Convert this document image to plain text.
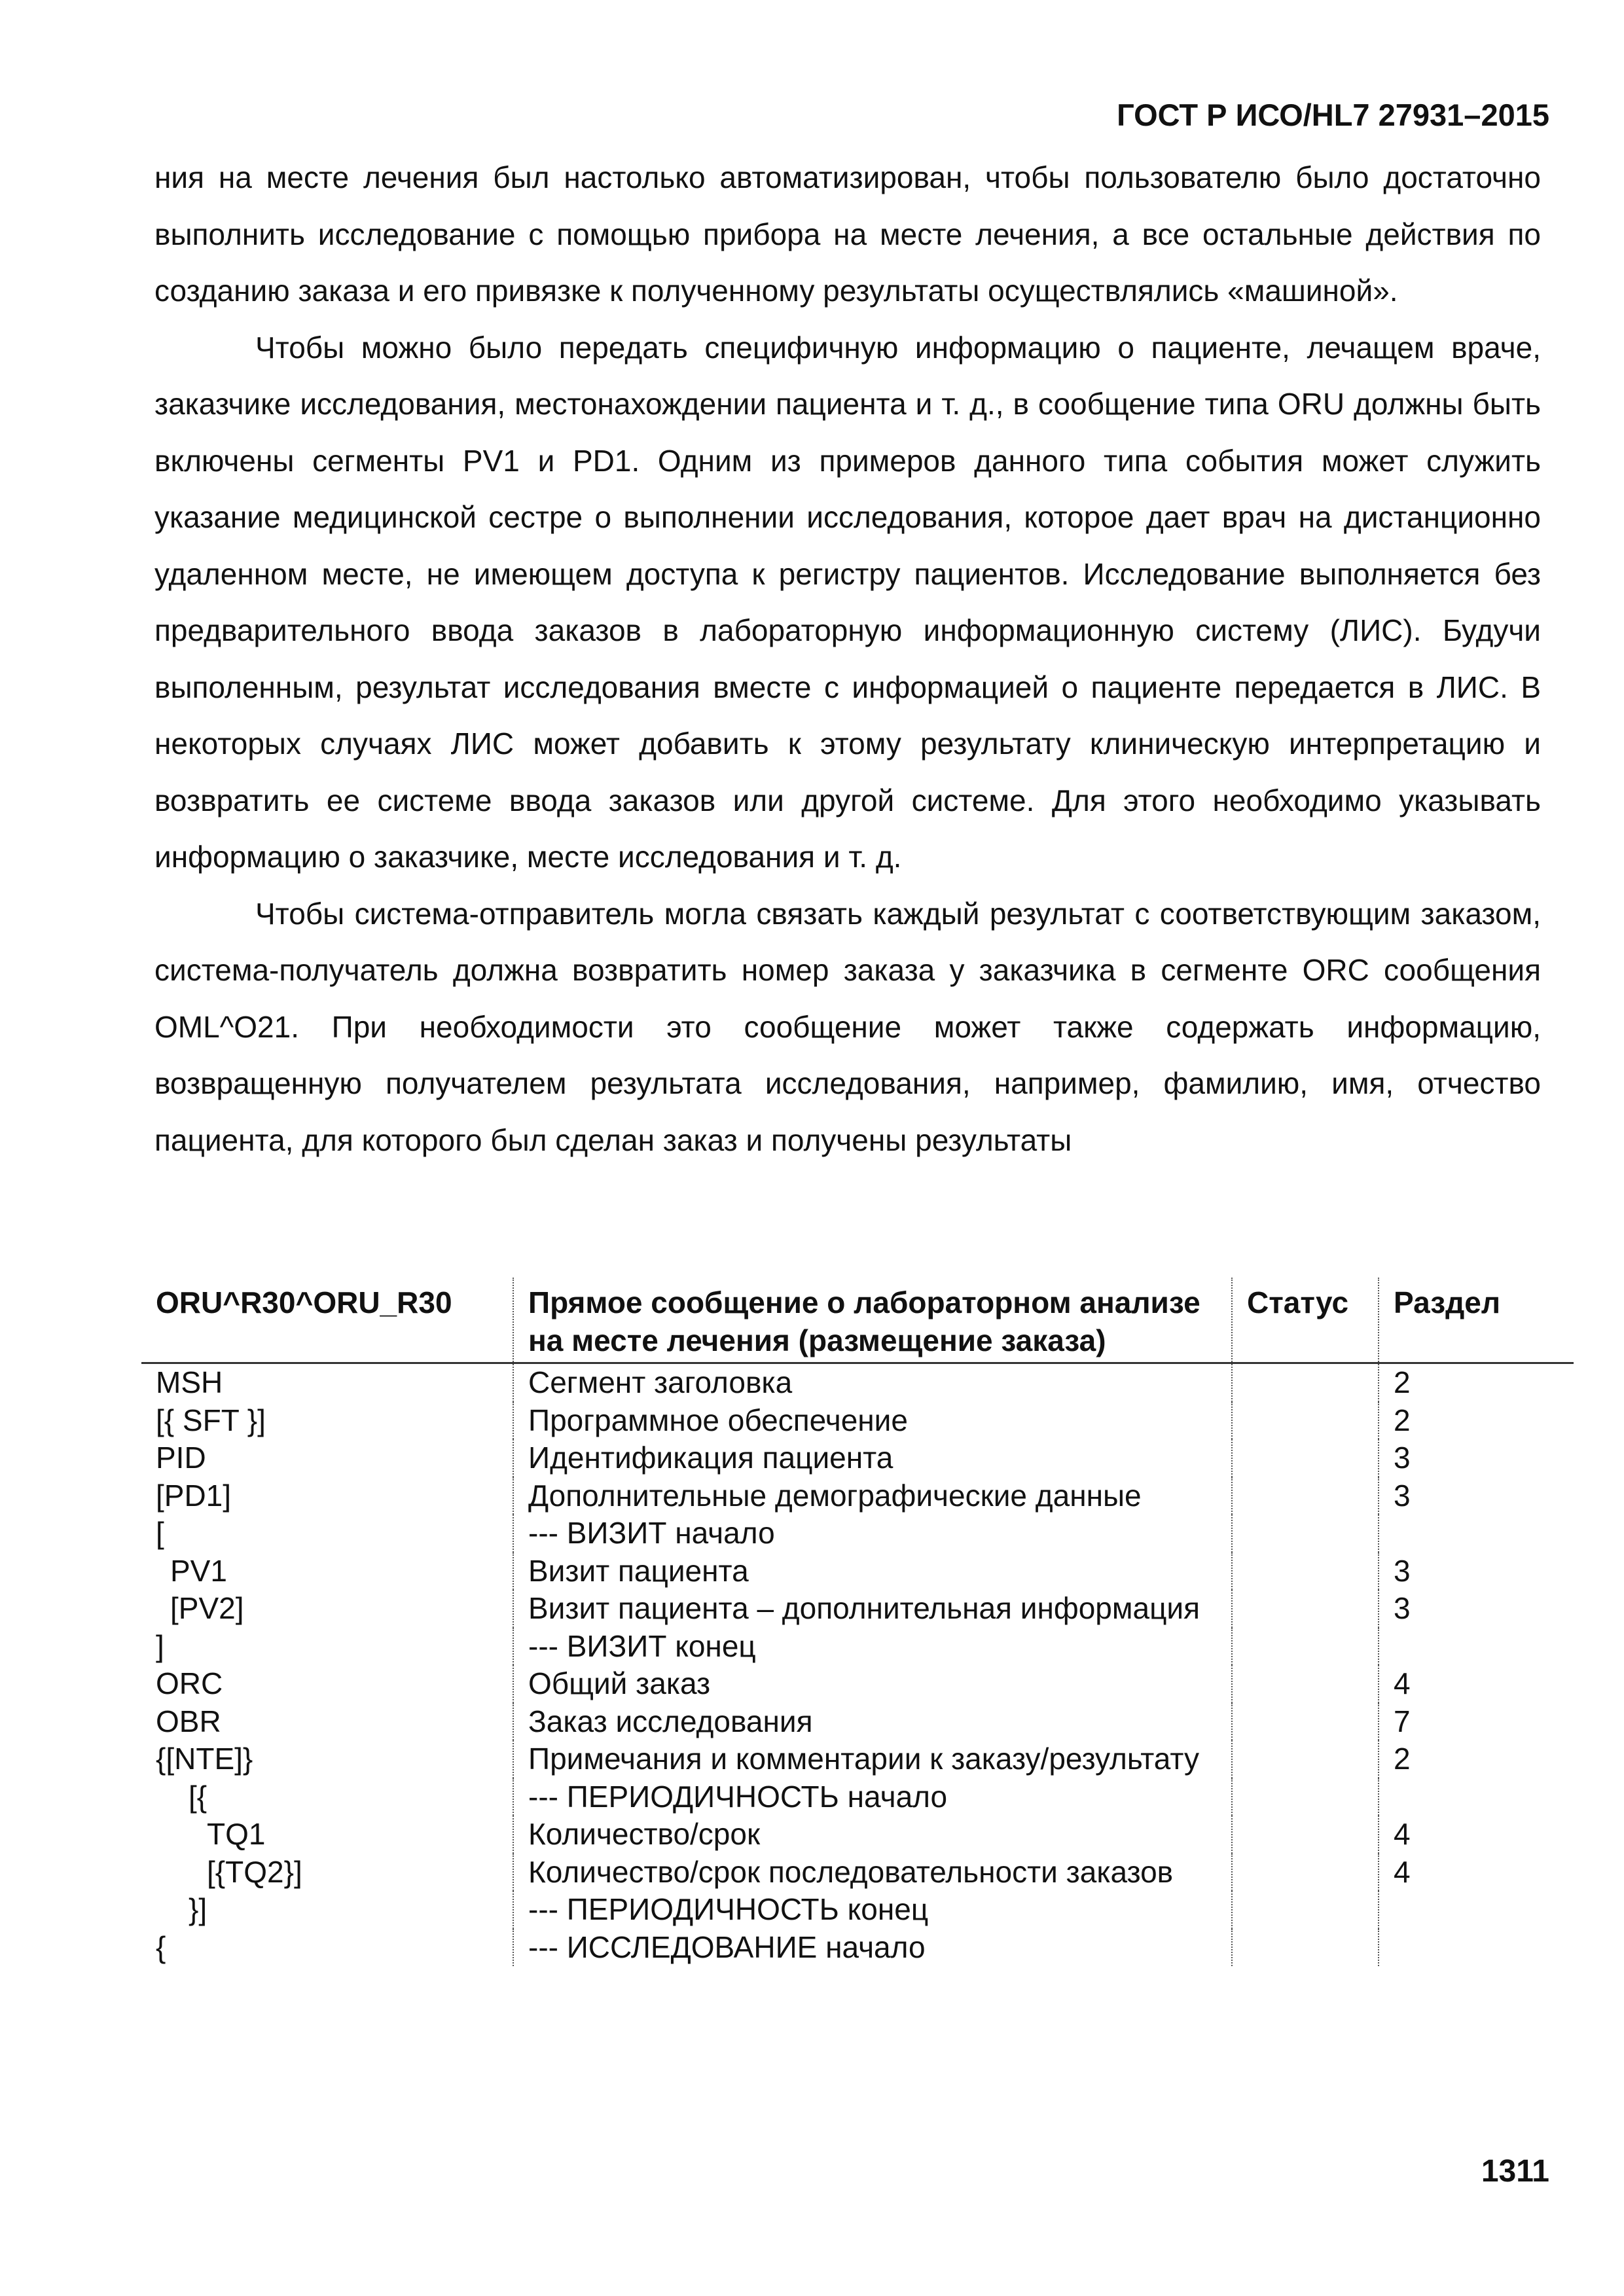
ГОСТ Р ИСО/HL7 27931–2015

ния на месте лечения был настолько автоматизирован, чтобы пользователю было достаточно выполнить исследование с помощью прибора на месте лечения, а все остальные действия по созданию заказа и его привязке к полученному результаты осуществлялись «машиной».

Чтобы можно было передать специфичную информацию о пациенте, лечащем враче, заказчике исследования, местонахождении пациента и т. д., в сообщение типа ORU должны быть включены сегменты PV1 и PD1. Одним из примеров данного типа события может служить указание медицинской сестре о выполнении исследования, которое дает врач на дистанционно удаленном месте, не имеющем доступа к регистру пациентов. Исследование выполняется без предварительного ввода заказов в лабораторную информационную систему (ЛИС). Будучи выполенным, результат исследования вместе с информацией о пациенте передается в ЛИС. В некоторых случаях ЛИС может добавить к этому результату клиническую интерпретацию и возвратить ее системе ввода заказов или другой системе. Для этого необходимо указывать информацию о заказчике, месте исследования и т. д.

Чтобы система-отправитель могла связать каждый результат с соответствующим заказом, система-получатель должна возвратить номер заказа у заказчика в сегменте ORC сообщения OML^O21. При необходимости это сообщение может также содержать информацию, возвращенную получателем результата исследования, например, фамилию, имя, отчество пациента, для которого был сделан заказ и получены результаты

ORU^R30^ORU_R30	Прямое сообщение о лабораторном анализе на месте лечения (размещение заказа)	Статус	Раздел
MSH	Сегмент заголовка		2
[{ SFT }]	Программное обеспечение		2
PID	Идентификация пациента		3
[PD1]	Дополнительные демографические данные		3
[	--- ВИЗИТ начало		
PV1	Визит пациента		3
[PV2]	Визит пациента – дополнительная информация		3
]	--- ВИЗИТ конец		
ORC	Общий заказ		4
OBR	Заказ исследования		7
{[NTE]}	Примечания и комментарии к заказу/результату		2
[{	--- ПЕРИОДИЧНОСТЬ начало		
TQ1	Количество/срок		4
[{TQ2}]	Количество/срок последовательности заказов		4
}]	--- ПЕРИОДИЧНОСТЬ конец		
{	--- ИССЛЕДОВАНИЕ начало		
1311
